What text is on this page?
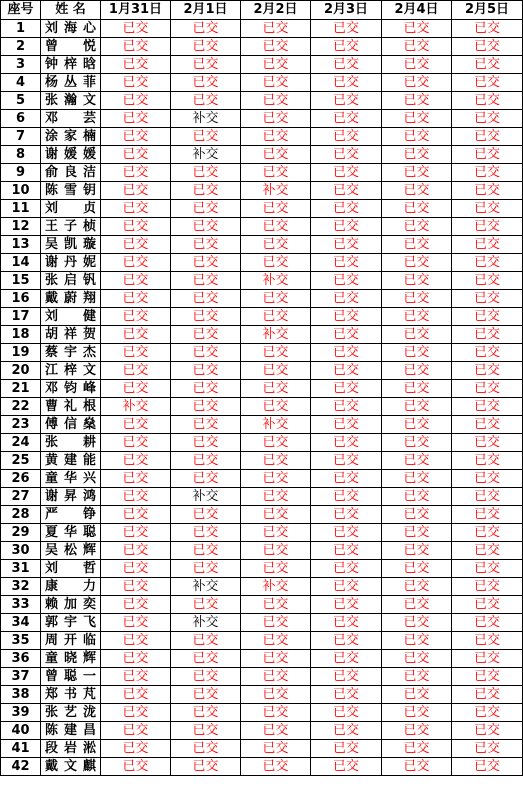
座号	姓 名	1月31日	2月1日	2月2日	2月3日	2月4日	2月5日
1	刘海心	已交	已交	已交	已交	已交	已交
2	曾 悦	已交	已交	已交	已交	已交	已交
3	钟梓晗	已交	已交	已交	已交	已交	已交
4	杨丛菲	已交	已交	已交	已交	已交	已交
5	张瀚文	已交	已交	已交	已交	已交	已交
6	邓 芸	已交	补交	已交	已交	已交	已交
7	涂家楠	已交	已交	已交	已交	已交	已交
8	谢媛媛	已交	补交	已交	已交	已交	已交
9	俞良洁	已交	已交	已交	已交	已交	已交
10	陈雪钥	已交	已交	补交	已交	已交	已交
11	刘 贞	已交	已交	已交	已交	已交	已交
12	王子桢	已交	已交	已交	已交	已交	已交
13	吴凯璇	已交	已交	已交	已交	已交	已交
14	谢丹妮	已交	已交	已交	已交	已交	已交
15	张启钒	已交	已交	补交	已交	已交	已交
16	戴蔚翔	已交	已交	已交	已交	已交	已交
17	刘 健	已交	已交	已交	已交	已交	已交
18	胡祥贺	已交	已交	补交	已交	已交	已交
19	蔡宇杰	已交	已交	已交	已交	已交	已交
20	江梓文	已交	已交	已交	已交	已交	已交
21	邓钧峰	已交	已交	已交	已交	已交	已交
22	曹礼根	补交	已交	已交	已交	已交	已交
23	傅信燊	已交	已交	补交	已交	已交	已交
24	张 耕	已交	已交	已交	已交	已交	已交
25	黄建能	已交	已交	已交	已交	已交	已交
26	童华兴	已交	已交	已交	已交	已交	已交
27	谢昇鸿	已交	补交	已交	已交	已交	已交
28	严 铮	已交	已交	已交	已交	已交	已交
29	夏华聪	已交	已交	已交	已交	已交	已交
30	吴松辉	已交	已交	已交	已交	已交	已交
31	刘 哲	已交	已交	已交	已交	已交	已交
32	康 力	已交	补交	补交	已交	已交	已交
33	赖加奕	已交	已交	已交	已交	已交	已交
34	郭宇飞	已交	补交	已交	已交	已交	已交
35	周开临	已交	已交	已交	已交	已交	已交
36	童晓辉	已交	已交	已交	已交	已交	已交
37	曾聪一	已交	已交	已交	已交	已交	已交
38	郑书芃	已交	已交	已交	已交	已交	已交
39	张艺泷	已交	已交	已交	已交	已交	已交
40	陈建昌	已交	已交	已交	已交	已交	已交
41	段岩淞	已交	已交	已交	已交	已交	已交
42	戴文麒	已交	已交	已交	已交	已交	已交
